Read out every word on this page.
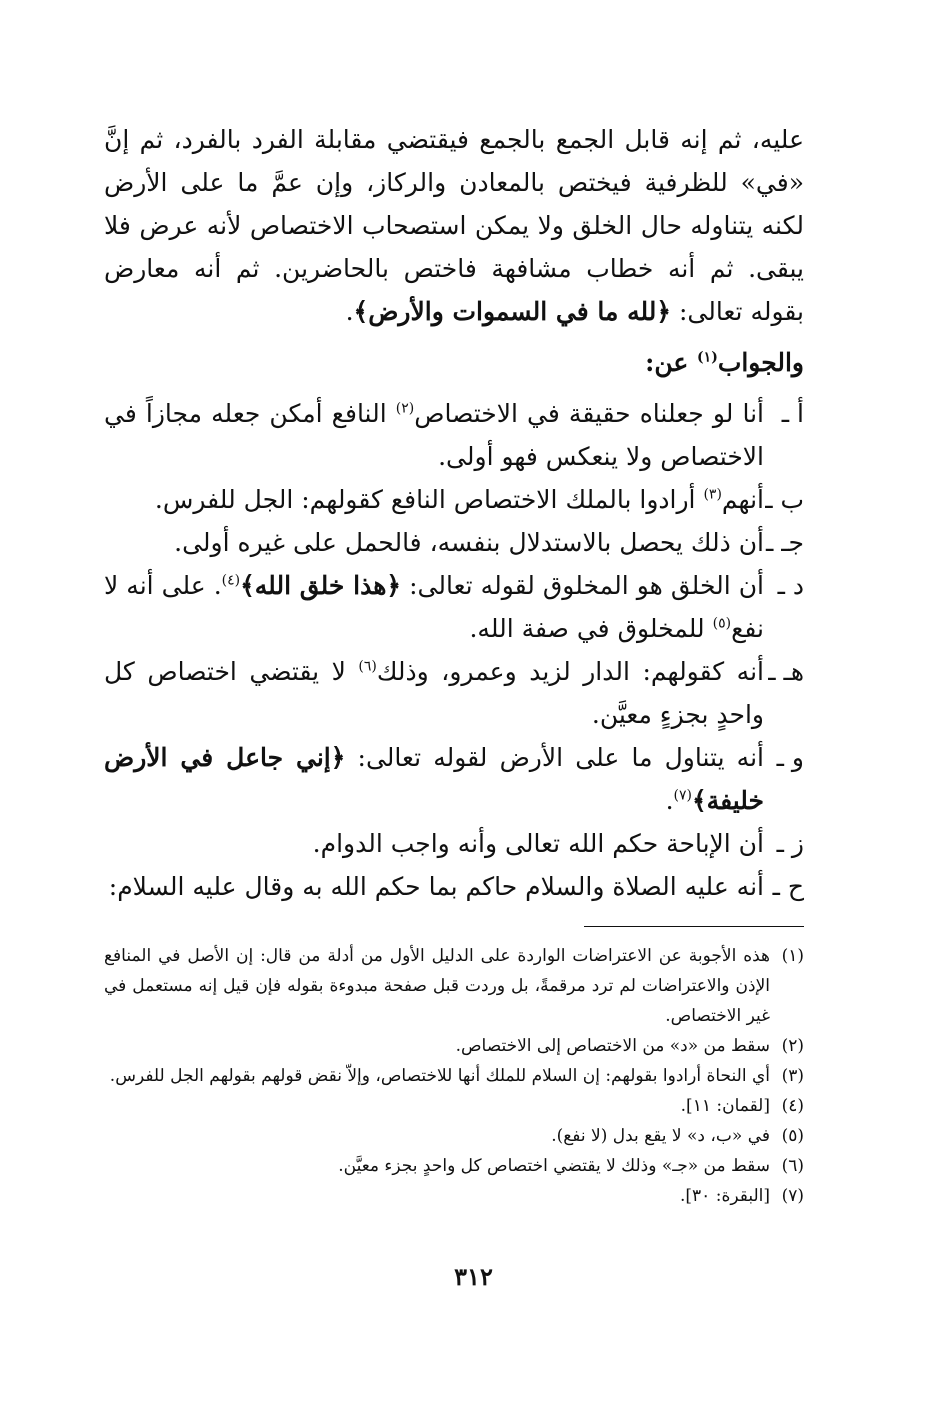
عليه، ثم إنه قابل الجمع بالجمع فيقتضي مقابلة الفرد بالفرد، ثم إنَّ «في» للظرفية فيختص بالمعادن والركاز، وإن عمَّ ما على الأرض لكنه يتناوله حال الخلق ولا يمكن استصحاب الاختصاص لأنه عرض فلا يبقى. ثم أنه خطاب مشافهة فاختص بالحاضرين. ثم أنه معارض بقوله تعالى: ﴿لله ما في السموات والأرض﴾.

والجواب$^{(١)}$ عن:

أ ـ
أنا لو جعلناه حقيقة في الاختصاص$^{(٢)}$ النافع أمكن جعله مجازاً في الاختصاص ولا ينعكس فهو أولى.
ب ـ
أنهم$^{(٣)}$ أرادوا بالملك الاختصاص النافع كقولهم: الجل للفرس.
جـ ـ
أن ذلك يحصل بالاستدلال بنفسه، فالحمل على غيره أولى.
د ـ
أن الخلق هو المخلوق لقوله تعالى: ﴿هذا خلق الله﴾$^{(٤)}$. على أنه لا نفع$^{(٥)}$ للمخلوق في صفة الله.
هـ ـ
أنه كقولهم: الدار لزيد وعمرو، وذلك$^{(٦)}$ لا يقتضي اختصاص كل واحدٍ بجزءٍ معيَّن.
و ـ
أنه يتناول ما على الأرض لقوله تعالى: ﴿إني جاعل في الأرض خليفة﴾$^{(٧)}$.
ز ـ
أن الإباحة حكم الله تعالى وأنه واجب الدوام.
ح ـ
أنه عليه الصلاة والسلام حاكم بما حكم الله به وقال عليه السلام:
(١)
هذه الأجوبة عن الاعتراضات الواردة على الدليل الأول من أدلة من قال: إن الأصل في المنافع الإذن والاعتراضات لم ترد مرقمةً، بل وردت قبل صفحة مبدوءة بقوله فإن قيل إنه مستعمل في غير الاختصاص.
(٢)
سقط من «د» من الاختصاص إلى الاختصاص.
(٣)
أي النحاة أرادوا بقولهم: إن السلام للملك أنها للاختصاص، وإلاّ نقض قولهم بقولهم الجل للفرس.
(٤)
[لقمان: ١١].
(٥)
في «ب، د» لا يقع بدل (لا نفع).
(٦)
سقط من «جـ» وذلك لا يقتضي اختصاص كل واحدٍ بجزء معيَّن.
(٧)
[البقرة: ٣٠].
٣١٢
